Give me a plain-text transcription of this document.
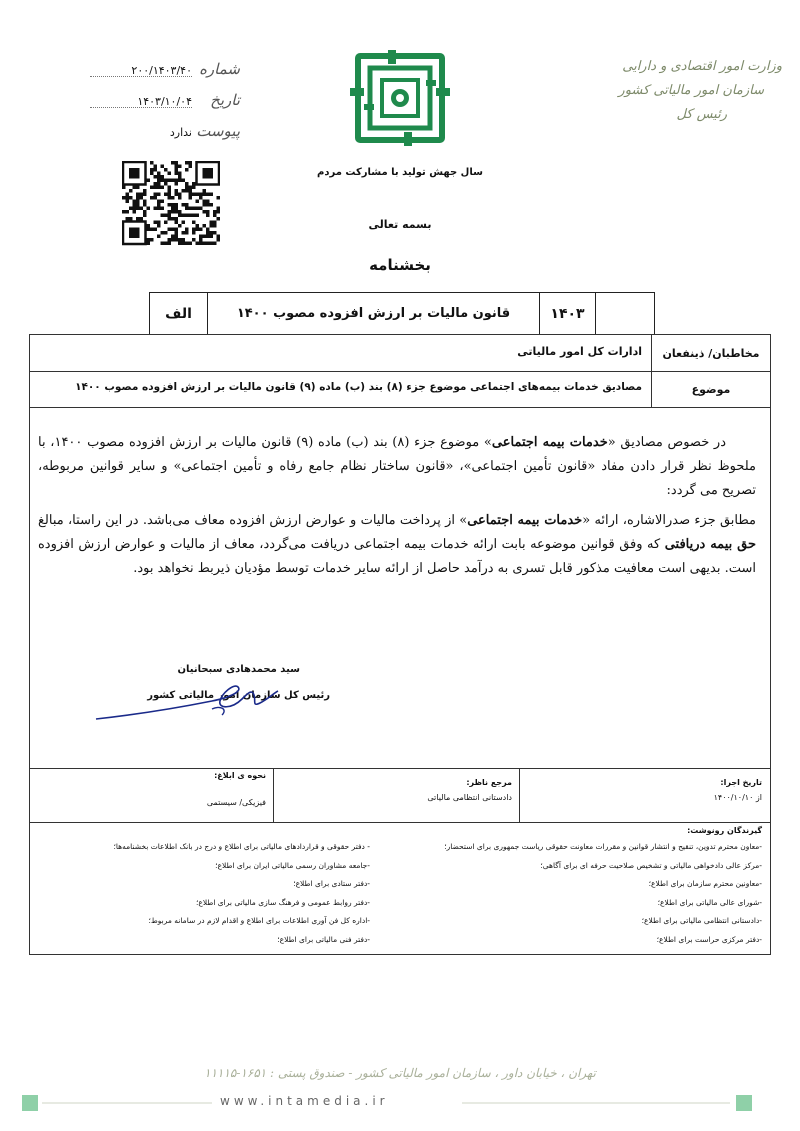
شماره
۲۰۰/۱۴۰۳/۴۰
تاریخ
۱۴۰۳/۱۰/۰۴
پیوست
ندارد
وزارت امور اقتصادی و دارایی
سازمان امور مالیاتی کشور
رئیس کل
سال جهش تولید با مشارکت مردم
بسمه تعالی
بخشنامه
الف	قانون مالیات بر ارزش افزوده مصوب ۱۴۰۰	۱۴۰۳
مخاطبان/ ذینفعان
ادارات کل امور مالیاتی
موضوع
مصادیق خدمات بیمه‌های اجتماعی موضوع جزء (۸) بند (ب) ماده (۹) قانون مالیات بر ارزش افزوده مصوب ۱۴۰۰

در خصوص مصادیق «خدمات بیمه اجتماعی» موضوع جزء (۸) بند (ب) ماده (۹) قانون مالیات بر ارزش افزوده مصوب ۱۴۰۰، با ملحوظ نظر قرار دادن مفاد «قانون تأمین اجتماعی»، «قانون ساختار نظام جامع رفاه و تأمین اجتماعی» و سایر قوانین مربوطه، تصریح می گردد:

مطابق جزء صدرالاشاره، ارائه «خدمات بیمه اجتماعی» از پرداخت مالیات و عوارض ارزش افزوده معاف می‌باشد. در این راستا، مبالغ حق بیمه دریافتی که وفق قوانین موضوعه بابت ارائه خدمات بیمه اجتماعی دریافت می‌گردد، معاف از مالیات و عوارض ارزش افزوده است. بدیهی است معافیت مذکور قابل تسری به درآمد حاصل از ارائه سایر خدمات توسط مؤدیان ذیربط نخواهد بود.

سید محمدهادی سبحانیان
رئیس کل سازمان امور مالیاتی کشور
تاریخ اجرا:
از ۱۴۰۰/۱۰/۱۰
مرجع ناظر:
دادستانی انتظامی مالیاتی
نحوه ی ابلاغ:
فیزیکی/ سیستمی
گیرندگان رونوشت:
-معاون محترم تدوین، تنقیح و انتشار قوانین و مقررات معاونت حقوقی ریاست جمهوری برای استحضار؛
-مرکز عالی دادخواهی مالیاتی و تشخیص صلاحیت حرفه ای برای آگاهی؛
-معاونین محترم سازمان برای اطلاع؛
-شورای عالی مالیاتی برای اطلاع؛
-دادستانی انتظامی مالیاتی برای اطلاع؛
-دفتر مرکزی حراست برای اطلاع؛
- دفتر حقوقی و قراردادهای مالیاتی برای اطلاع و درج در بانک اطلاعات بخشنامه‌ها؛
-جامعه مشاوران رسمی مالیاتی ایران برای اطلاع؛
-دفتر ستادی برای اطلاع؛
-دفتر روابط عمومی و فرهنگ سازی مالیاتی برای اطلاع؛
-اداره کل فن آوری اطلاعات برای اطلاع و اقدام لازم در سامانه مربوط؛
-دفتر فنی مالیاتی برای اطلاع؛
تهران ، خیابان داور ، سازمان امور مالیاتی کشور - صندوق پستی : ۱۶۵۱-۱۱۱۱۵
www.intamedia.ir
